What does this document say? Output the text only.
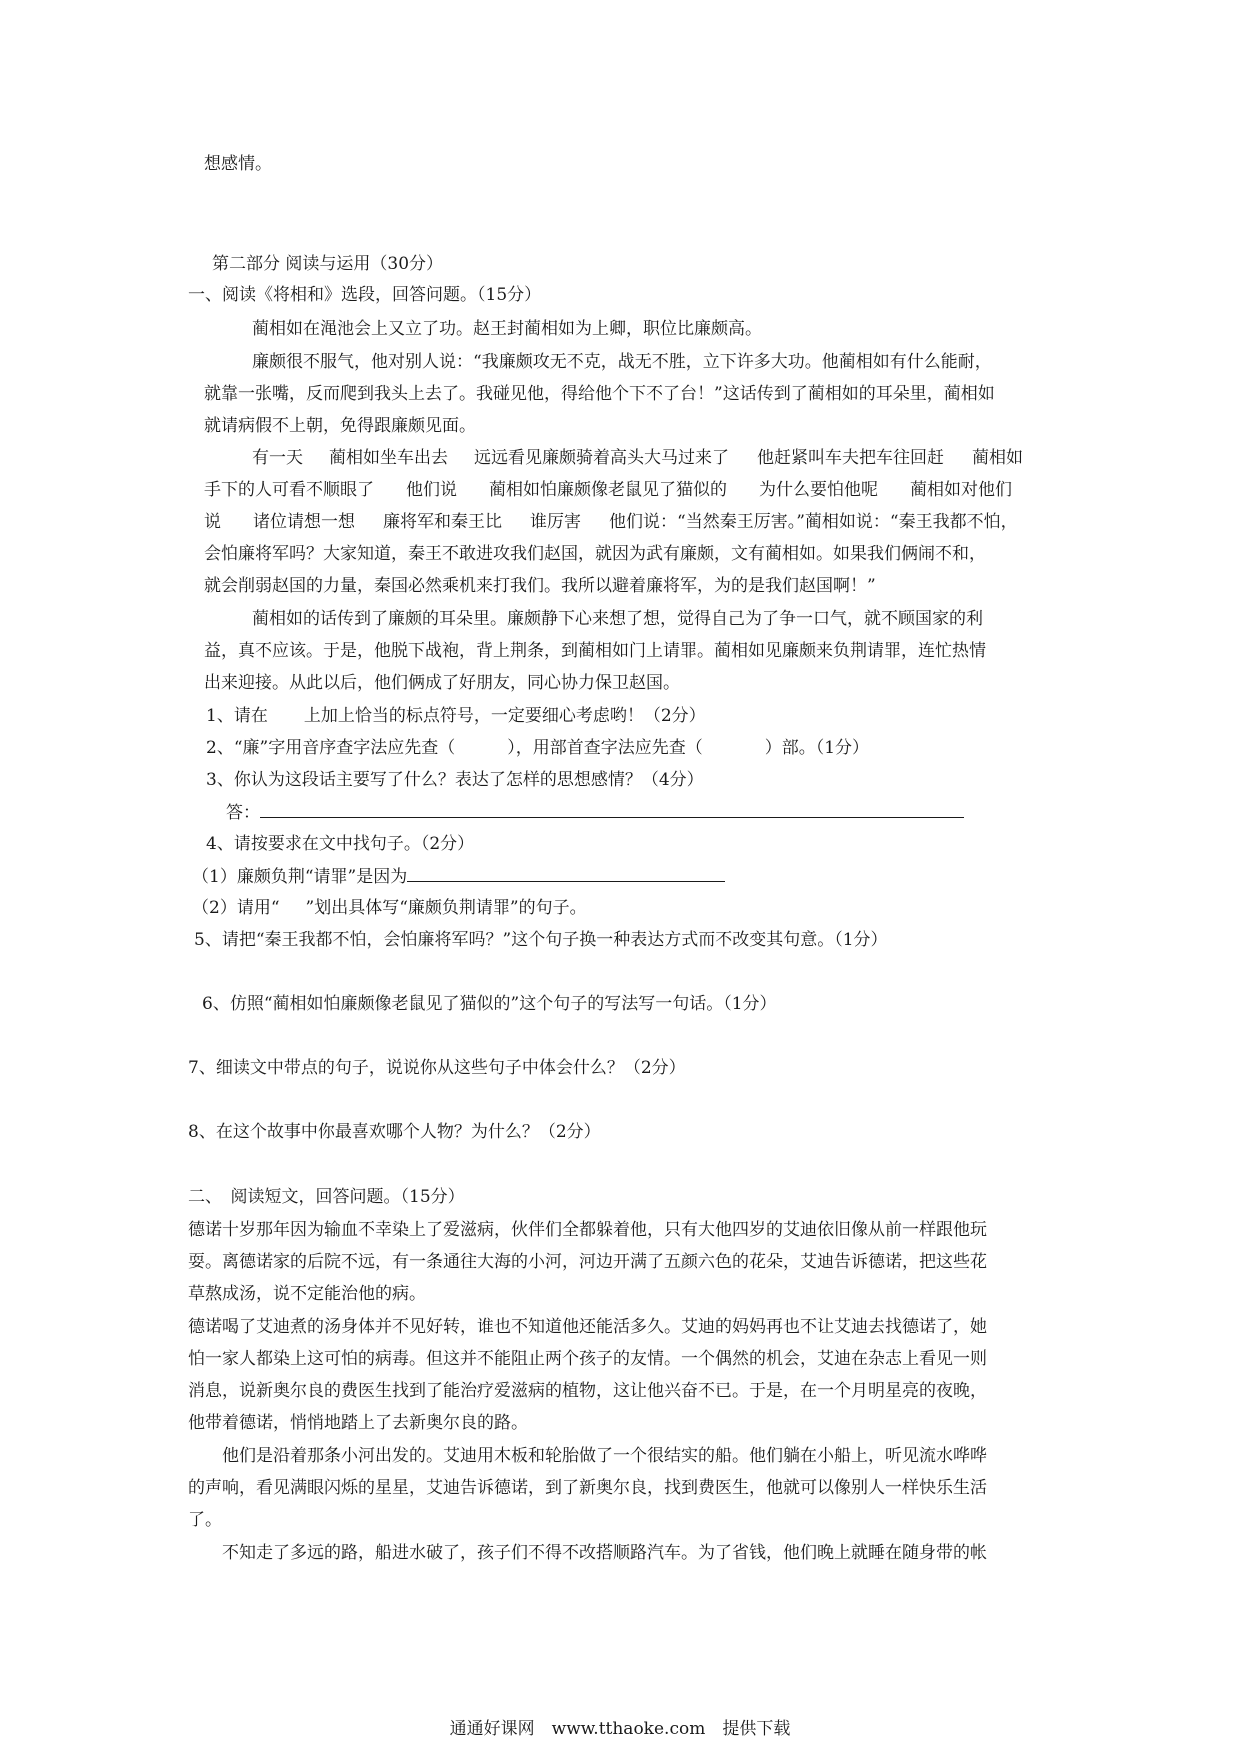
想感情。
第二部分 阅读与运用（30分）
一、阅读《将相和》选段，回答问题。（15分）
蔺相如在渑池会上又立了功。赵王封蔺相如为上卿，职位比廉颇高。
廉颇很不服气，他对别人说：“我廉颇攻无不克，战无不胜，立下许多大功。他蔺相如有什么能耐，
就靠一张嘴，反而爬到我头上去了。我碰见他，得给他个下不了台！”这话传到了蔺相如的耳朵里，蔺相如
就请病假不上朝，免得跟廉颇见面。
有一天 蔺相如坐车出去 远远看见廉颇骑着高头大马过来了 他赶紧叫车夫把车往回赶 蔺相如
手下的人可看不顺眼了 他们说 蔺相如怕廉颇像老鼠见了猫似的 为什么要怕他呢 蔺相如对他们
说 诸位请想一想 廉将军和秦王比 谁厉害 他们说：“当然秦王厉害。”蔺相如说：“秦王我都不怕，
会怕廉将军吗？大家知道，秦王不敢进攻我们赵国，就因为武有廉颇，文有蔺相如。如果我们俩闹不和，
就会削弱赵国的力量，秦国必然乘机来打我们。我所以避着廉将军，为的是我们赵国啊！”
蔺相如的话传到了廉颇的耳朵里。廉颇静下心来想了想，觉得自己为了争一口气，就不顾国家的利
益，真不应该。于是，他脱下战袍，背上荆条，到蔺相如门上请罪。蔺相如见廉颇来负荆请罪，连忙热情
出来迎接。从此以后，他们俩成了好朋友，同心协力保卫赵国。
1、请在 上加上恰当的标点符号，一定要细心考虑哟！（2分）
2、“廉”字用音序查字法应先查（	），用部首查字法应先查（	）部。（1分）
3、你认为这段话主要写了什么？表达了怎样的思想感情？（4分）
答：
4、请按要求在文中找句子。（2分）
（1）廉颇负荆“请罪”是因为
（2）请用“ ”划出具体写“廉颇负荆请罪”的句子。
5、请把“秦王我都不怕，会怕廉将军吗？”这个句子换一种表达方式而不改变其句意。（1分）
6、仿照“蔺相如怕廉颇像老鼠见了猫似的”这个句子的写法写一句话。（1分）
7、细读文中带点的句子，说说你从这些句子中体会什么？（2分）
8、在这个故事中你最喜欢哪个人物？为什么？（2分）
二、　阅读短文，回答问题。（15分）
德诺十岁那年因为输血不幸染上了爱滋病，伙伴们全都躲着他，只有大他四岁的艾迪依旧像从前一样跟他玩
耍。离德诺家的后院不远，有一条通往大海的小河，河边开满了五颜六色的花朵，艾迪告诉德诺，把这些花
草熬成汤，说不定能治他的病。
德诺喝了艾迪煮的汤身体并不见好转，谁也不知道他还能活多久。艾迪的妈妈再也不让艾迪去找德诺了，她
怕一家人都染上这可怕的病毒。但这并不能阻止两个孩子的友情。一个偶然的机会，艾迪在杂志上看见一则
消息，说新奥尔良的费医生找到了能治疗爱滋病的植物，这让他兴奋不已。于是，在一个月明星亮的夜晚，
他带着德诺，悄悄地踏上了去新奥尔良的路。
他们是沿着那条小河出发的。艾迪用木板和轮胎做了一个很结实的船。他们躺在小船上，听见流水哗哗
的声响，看见满眼闪烁的星星，艾迪告诉德诺，到了新奥尔良，找到费医生，他就可以像别人一样快乐生活
了。
不知走了多远的路，船进水破了，孩子们不得不改搭顺路汽车。为了省钱，他们晚上就睡在随身带的帐
通通好课网　www.tthaoke.com　提供下载
